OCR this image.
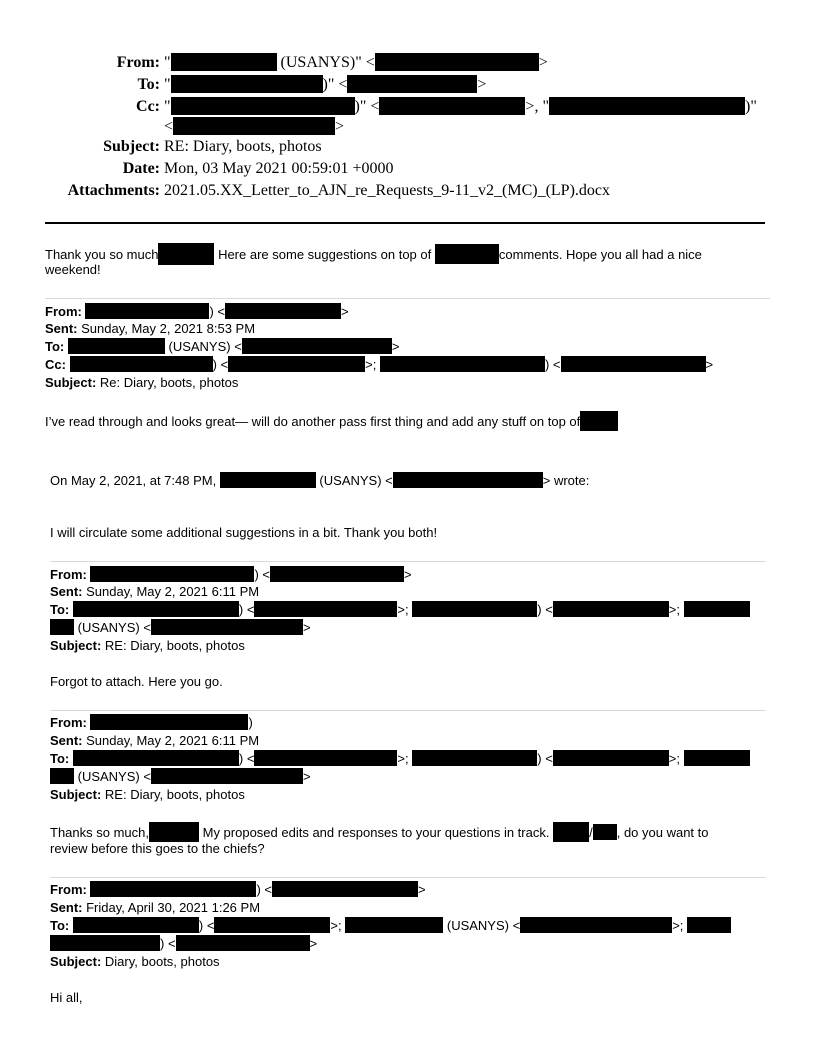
From: "	(USANYS)" <	>
To: "	)" <	>
Cc: "	)" <	>, "	)"
<	>
Subject: RE: Diary, boots, photos
Date: Mon, 03 May 2021 00:59:01 +0000
Attachments: 2021.05.XX_Letter_to_AJN_re_Requests_9-11_v2_(MC)_(LP).docx
Thank you so much	Here are some suggestions on top of	comments. Hope you all had a nice
weekend!
From:	) <	>
Sent: Sunday, May 2, 2021 8:53 PM
To:	(USANYS) <	>
Cc:	) <	>;	) <	>
Subject: Re: Diary, boots, photos
I’ve read through and looks great— will do another pass first thing and add any stuff on top of
On May 2, 2021, at 7:48 PM,	(USANYS) <	> wrote:
I will circulate some additional suggestions in a bit. Thank you both!
From:	) <	>
Sent: Sunday, May 2, 2021 6:11 PM
To:	) <	>;	) <	>;
(USANYS) <	>
Subject: RE: Diary, boots, photos
Forgot to attach. Here you go.
From:	)
Sent: Sunday, May 2, 2021 6:11 PM
To:	) <	>;	) <	>;
(USANYS) <	>
Subject: RE: Diary, boots, photos
Thanks so much,	My proposed edits and responses to your questions in track.	/ , do you want to
review before this goes to the chiefs?
From:	) <	>
Sent: Friday, April 30, 2021 1:26 PM
To:	) <	>;	(USANYS) <	>;
) <	>
Subject: Diary, boots, photos
Hi all,
